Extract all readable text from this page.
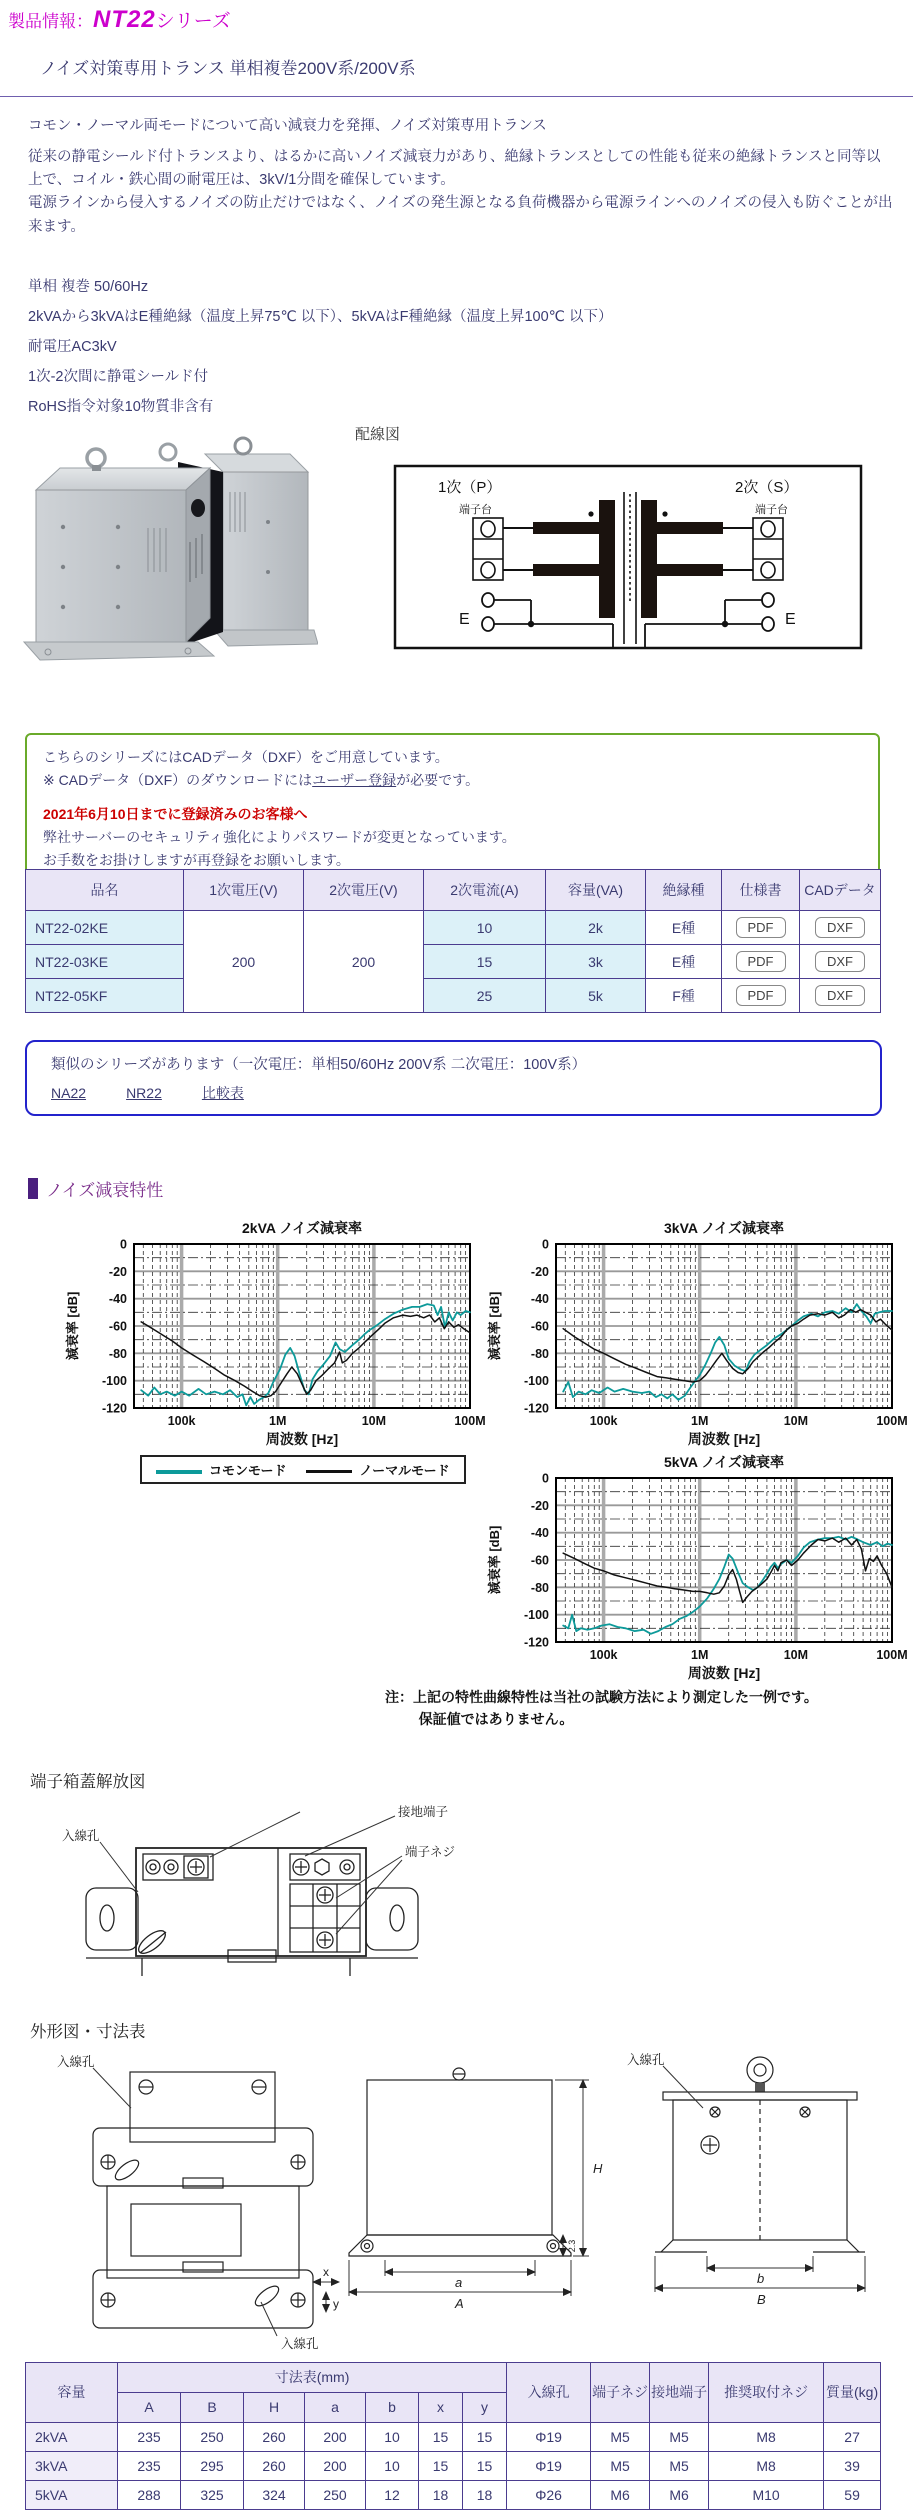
製品情報：NT22シリーズ
ノイズ対策専用トランス 単相複巻200V系/200V系
コモン・ノーマル両モードについて高い減衰力を発揮、ノイズ対策専用トランス
従来の静電シールド付トランスより、はるかに高いノイズ減衰力があり、絶縁トランスとしての性能も従来の絶縁トランスと同等以上で、コイル・鉄心間の耐電圧は、3kV/1分間を確保しています。
電源ラインから侵入するノイズの防止だけではなく、ノイズの発生源となる負荷機器から電源ラインへのノイズの侵入も防ぐことが出来ます。
単相 複巻 50/60Hz
2kVAから3kVAはE種絶縁（温度上昇75℃ 以下）、5kVAはF種絶縁（温度上昇100℃ 以下）
耐電圧AC3kV
1次-2次間に静電シールド付
RoHS指令対象10物質非含有
配線図
1次（P）	2次（S）
端子台	端子台
E	E
こちらのシリーズにはCADデータ（DXF）をご用意しています。
※ CADデータ（DXF）のダウンロードにはユーザー登録が必要です。
2021年6月10日までに登録済みのお客様へ
弊社サーバーのセキュリティ強化によりパスワードが変更となっています。
お手数をお掛けしますが再登録をお願いします。
品名	1次電圧(V)	2次電圧(V)	2次電流(A)	容量(VA)	絶縁種	仕様書	CADデータ
NT22-02KE	200	200	10	2k	E種	PDF	DXF
NT22-03KE			15	3k	E種	PDF	DXF
NT22-05KF			25	5k	F種	PDF	DXF
類似のシリーズがあります（一次電圧：単相50/60Hz 200V系 二次電圧：100V系）
NA22	NR22	比較表
ノイズ減衰特性
2kVA ノイズ減衰率
0
-20
-40
-60
-80
-100
-120
100k	1M	10M	100M
減衰率 [dB]
周波数 [Hz]
3kVA ノイズ減衰率
0
-20
-40
-60
-80
-100
-120
100k	1M	10M	100M
減衰率 [dB]
周波数 [Hz]
5kVA ノイズ減衰率
0
-20
-40
-60
-80
-100
-120
100k	1M	10M	100M
減衰率 [dB]
周波数 [Hz]
コモンモード	ノーマルモード
注：上記の特性曲線特性は当社の試験方法により測定した一例です。
保証値ではありません。
端子箱蓋解放図
入線孔
接地端子
端子ネジ
外形図・寸法表
入線孔
入線孔
x
y
H
a
A
2.3
入線孔
b
B
容量	寸法表(mm)							入線孔	端子ネジ	接地端子	推奨取付ネジ	質量(kg)
	A	B	H	a	b	x	y					
2kVA	235	250	260	200	10	15	15	Φ19	M5	M5	M8	27
3kVA	235	295	260	200	10	15	15	Φ19	M5	M5	M8	39
5kVA	288	325	324	250	12	18	18	Φ26	M6	M6	M10	59
